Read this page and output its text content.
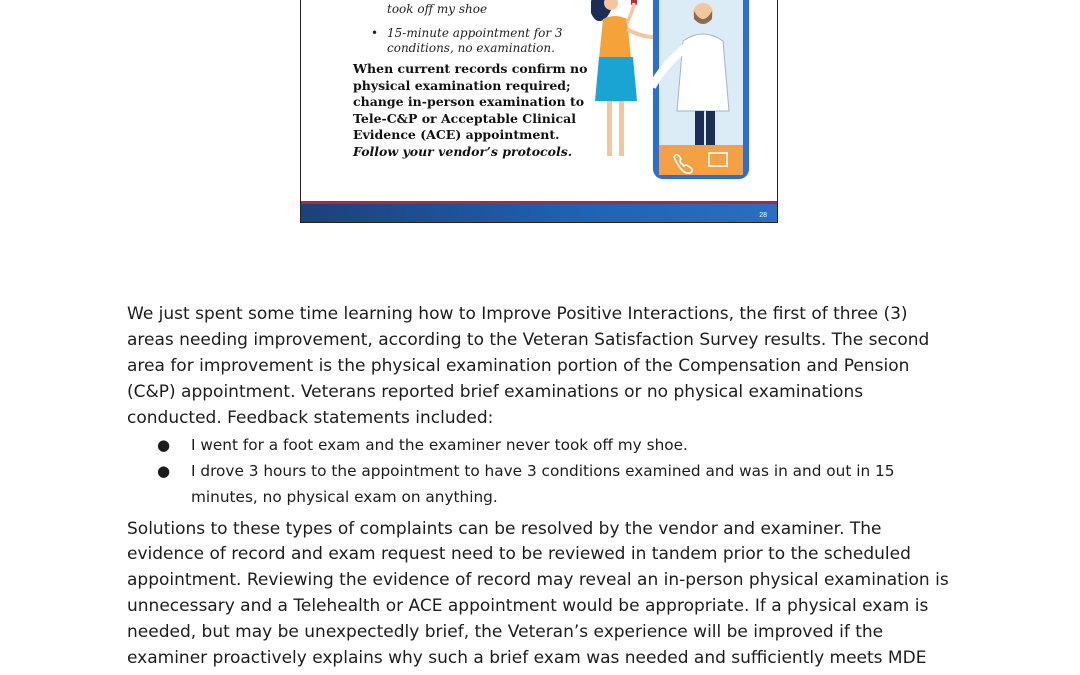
took off my shoe
• 15-minute appointment for 3 conditions, no examination.
When current records confirm no physical examination required; change in-person examination to Tele-C&P or Acceptable Clinical Evidence (ACE) appointment. Follow your vendor’s protocols.
28

We just spent some time learning how to Improve Positive Interactions, the first of three (3) areas needing improvement, according to the Veteran Satisfaction Survey results. The second area for improvement is the physical examination portion of the Compensation and Pension (C&P) appointment. Veterans reported brief examinations or no physical examinations conducted. Feedback statements included:

● I went for a foot exam and the examiner never took off my shoe.
● I drove 3 hours to the appointment to have 3 conditions examined and was in and out in 15 minutes, no physical exam on anything.

Solutions to these types of complaints can be resolved by the vendor and examiner. The evidence of record and exam request need to be reviewed in tandem prior to the scheduled appointment. Reviewing the evidence of record may reveal an in-person physical examination is unnecessary and a Telehealth or ACE appointment would be appropriate. If a physical exam is needed, but may be unexpectedly brief, the Veteran’s experience will be improved if the examiner proactively explains why such a brief exam was needed and sufficiently meets MDE
